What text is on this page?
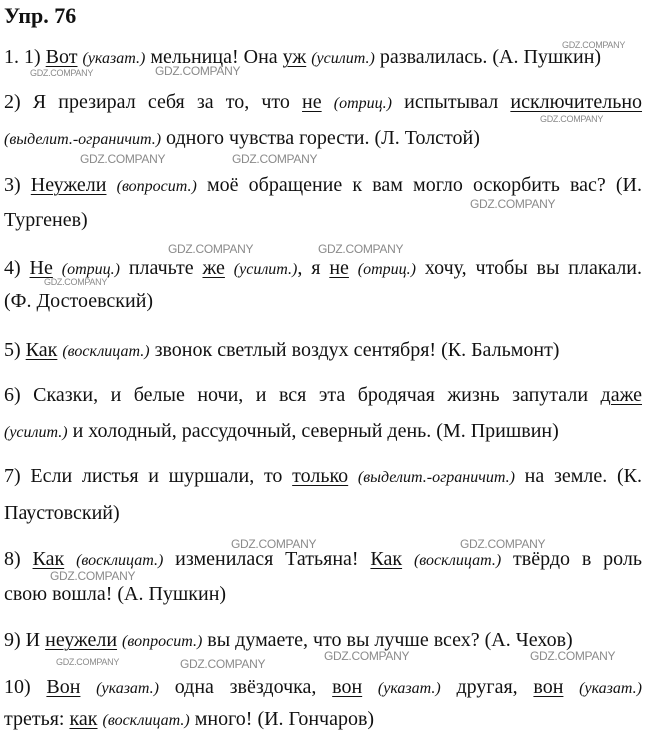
Упр. 76
1. 1) Вот (указат.) мельница! Она уж (усилит.) развалилась. (А. Пушкин)
2) Я презирал себя за то, что не (отриц.) испытывал исключительно
(выделит.-ограничит.) одного чувства горести. (Л. Толстой)
3) Неужели (вопросит.) моё обращение к вам могло оскорбить вас? (И.
Тургенев)
4) Не (отриц.) плачьте же (усилит.), я не (отриц.) хочу, чтобы вы плакали.
(Ф. Достоевский)
5) Как (восклицат.) звонок светлый воздух сентября! (К. Бальмонт)
6) Сказки, и белые ночи, и вся эта бродячая жизнь запутали даже
(усилит.) и холодный, рассудочный, северный день. (М. Пришвин)
7) Если листья и шуршали, то только (выделит.-ограничит.) на земле. (К.
Паустовский)
8) Как (восклицат.) изменилася Татьяна! Как (восклицат.) твёрдо в роль
свою вошла! (А. Пушкин)
9) И неужели (вопросит.) вы думаете, что вы лучше всех? (А. Чехов)
10) Вон (указат.) одна звёздочка, вон (указат.) другая, вон (указат.)
третья: как (восклицат.) много! (И. Гончаров)
GDZ.COMPANY
GDZ.COMPANY	GDZ.COMPANY
GDZ.COMPANY
GDZ.COMPANY	GDZ.COMPANY
GDZ.COMPANY
GDZ.COMPANY	GDZ.COMPANY
GDZ.COMPANY
GDZ.COMPANY	GDZ.COMPANY
GDZ.COMPANY
GDZ.COMPANY	GDZ.COMPANY
GDZ.COMPANY	GDZ.COMPANY
